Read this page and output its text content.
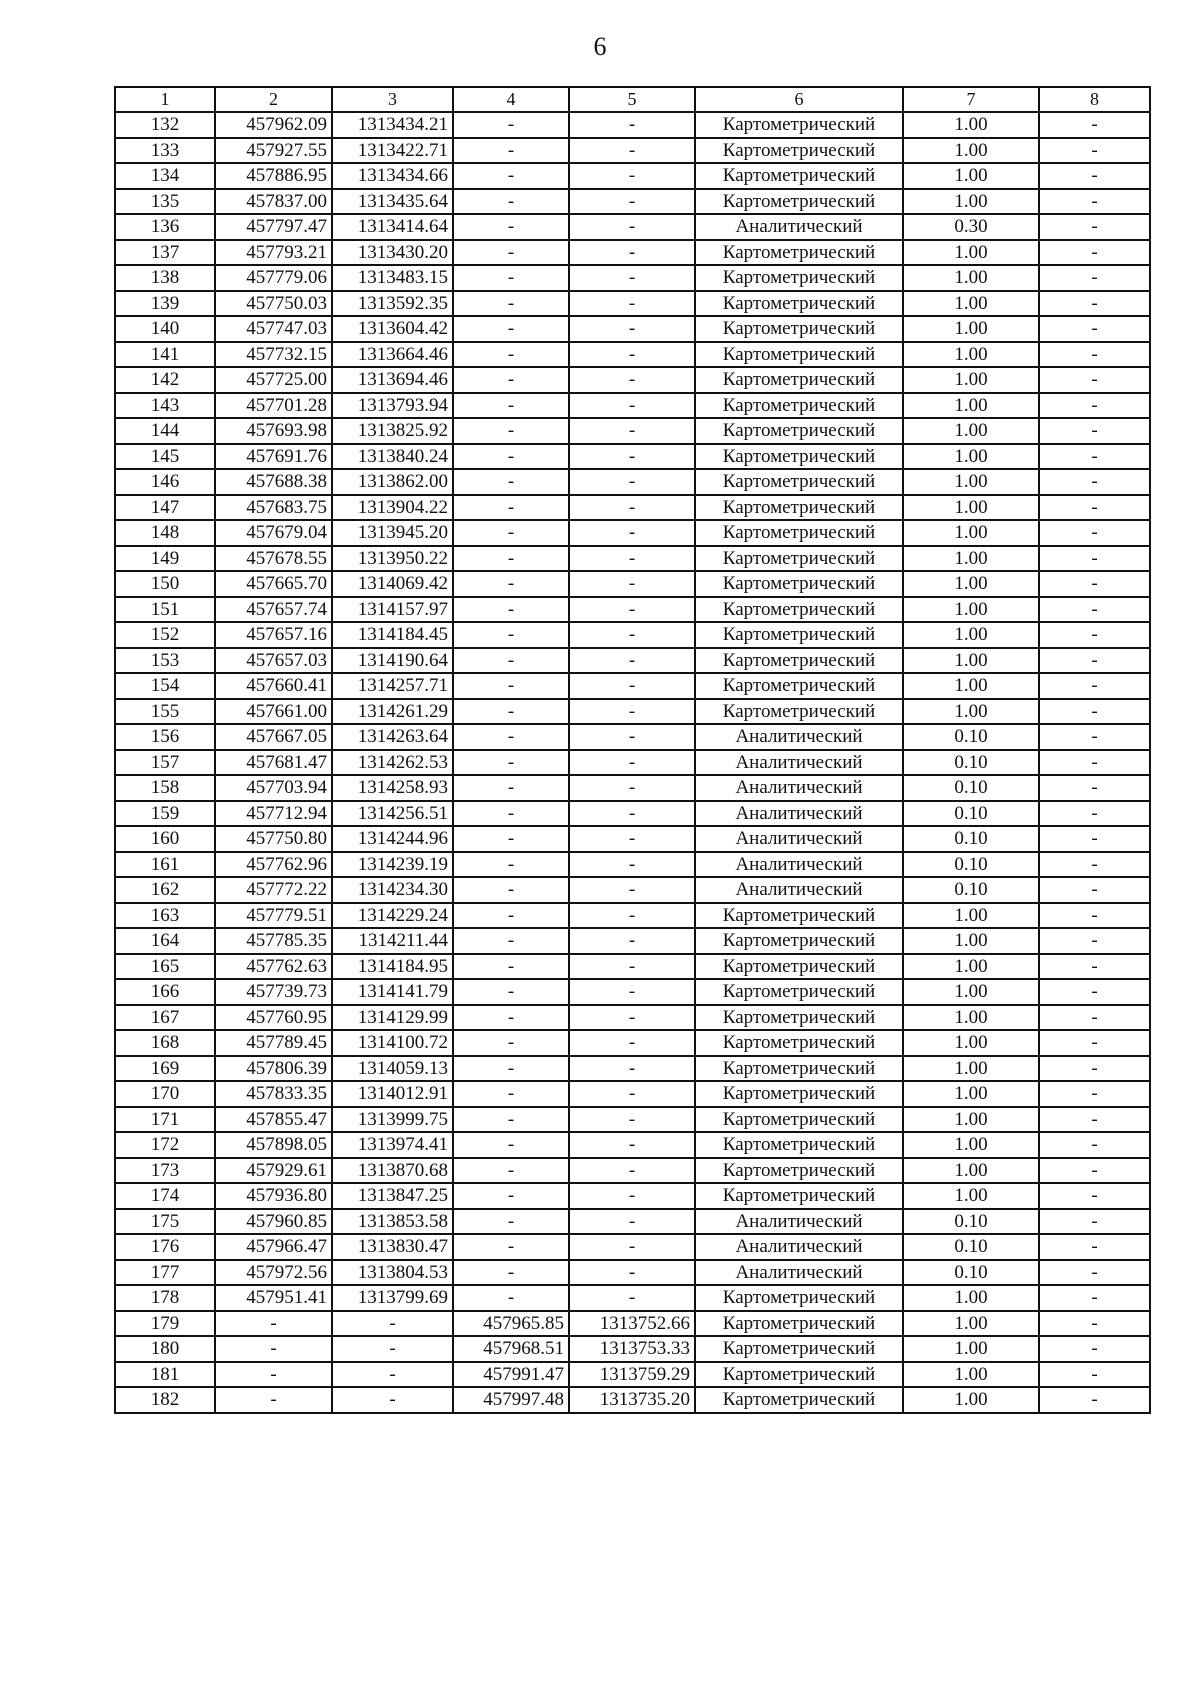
6
1	2	3	4	5	6	7	8
132	457962.09	1313434.21	-	-	Картометрический	1.00	-
133	457927.55	1313422.71	-	-	Картометрический	1.00	-
134	457886.95	1313434.66	-	-	Картометрический	1.00	-
135	457837.00	1313435.64	-	-	Картометрический	1.00	-
136	457797.47	1313414.64	-	-	Аналитический	0.30	-
137	457793.21	1313430.20	-	-	Картометрический	1.00	-
138	457779.06	1313483.15	-	-	Картометрический	1.00	-
139	457750.03	1313592.35	-	-	Картометрический	1.00	-
140	457747.03	1313604.42	-	-	Картометрический	1.00	-
141	457732.15	1313664.46	-	-	Картометрический	1.00	-
142	457725.00	1313694.46	-	-	Картометрический	1.00	-
143	457701.28	1313793.94	-	-	Картометрический	1.00	-
144	457693.98	1313825.92	-	-	Картометрический	1.00	-
145	457691.76	1313840.24	-	-	Картометрический	1.00	-
146	457688.38	1313862.00	-	-	Картометрический	1.00	-
147	457683.75	1313904.22	-	-	Картометрический	1.00	-
148	457679.04	1313945.20	-	-	Картометрический	1.00	-
149	457678.55	1313950.22	-	-	Картометрический	1.00	-
150	457665.70	1314069.42	-	-	Картометрический	1.00	-
151	457657.74	1314157.97	-	-	Картометрический	1.00	-
152	457657.16	1314184.45	-	-	Картометрический	1.00	-
153	457657.03	1314190.64	-	-	Картометрический	1.00	-
154	457660.41	1314257.71	-	-	Картометрический	1.00	-
155	457661.00	1314261.29	-	-	Картометрический	1.00	-
156	457667.05	1314263.64	-	-	Аналитический	0.10	-
157	457681.47	1314262.53	-	-	Аналитический	0.10	-
158	457703.94	1314258.93	-	-	Аналитический	0.10	-
159	457712.94	1314256.51	-	-	Аналитический	0.10	-
160	457750.80	1314244.96	-	-	Аналитический	0.10	-
161	457762.96	1314239.19	-	-	Аналитический	0.10	-
162	457772.22	1314234.30	-	-	Аналитический	0.10	-
163	457779.51	1314229.24	-	-	Картометрический	1.00	-
164	457785.35	1314211.44	-	-	Картометрический	1.00	-
165	457762.63	1314184.95	-	-	Картометрический	1.00	-
166	457739.73	1314141.79	-	-	Картометрический	1.00	-
167	457760.95	1314129.99	-	-	Картометрический	1.00	-
168	457789.45	1314100.72	-	-	Картометрический	1.00	-
169	457806.39	1314059.13	-	-	Картометрический	1.00	-
170	457833.35	1314012.91	-	-	Картометрический	1.00	-
171	457855.47	1313999.75	-	-	Картометрический	1.00	-
172	457898.05	1313974.41	-	-	Картометрический	1.00	-
173	457929.61	1313870.68	-	-	Картометрический	1.00	-
174	457936.80	1313847.25	-	-	Картометрический	1.00	-
175	457960.85	1313853.58	-	-	Аналитический	0.10	-
176	457966.47	1313830.47	-	-	Аналитический	0.10	-
177	457972.56	1313804.53	-	-	Аналитический	0.10	-
178	457951.41	1313799.69	-	-	Картометрический	1.00	-
179	-	-	457965.85	1313752.66	Картометрический	1.00	-
180	-	-	457968.51	1313753.33	Картометрический	1.00	-
181	-	-	457991.47	1313759.29	Картометрический	1.00	-
182	-	-	457997.48	1313735.20	Картометрический	1.00	-
